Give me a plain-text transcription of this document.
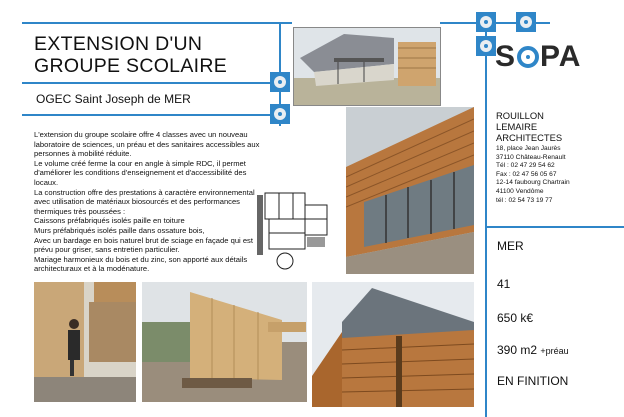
EXTENSION D'UN
GROUPE SCOLAIRE
OGEC Saint Joseph de MER

L'extension du groupe scolaire offre 4 classes avec un nouveau laboratoire de sciences, un préau et des sanitaires accessibles aux personnes à mobilité réduite.

Le volume créé ferme la cour en angle à simple RDC, il permet d'améliorer les conditions d'enseignement et d'accessibilité des locaux.

La construction offre des prestations à caractère environnemental avec utilisation de matériaux biosourcés et des performances thermiques très poussées :

Caissons préfabriqués isolés paille en toiture

Murs préfabriqués isolés paille dans ossature bois,

Avec un bardage en bois naturel brut de sciage en façade qui est prévu pour griser, sans entretien particulier.

Mariage harmonieux du bois et du zinc, son apporté aux détails architecturaux et à la modénature.

S PA
ROUILLON
LEMAIRE
ARCHITECTES
18, place Jean Jaurès
37110 Château-Renault
Tél : 02 47 29 54 62
Fax : 02 47 56 05 67
12-14 faubourg Chartrain
41100 Vendôme
tél : 02 54 73 19 77
MER
41
650 k€
390 m2 +préau
EN FINITION
